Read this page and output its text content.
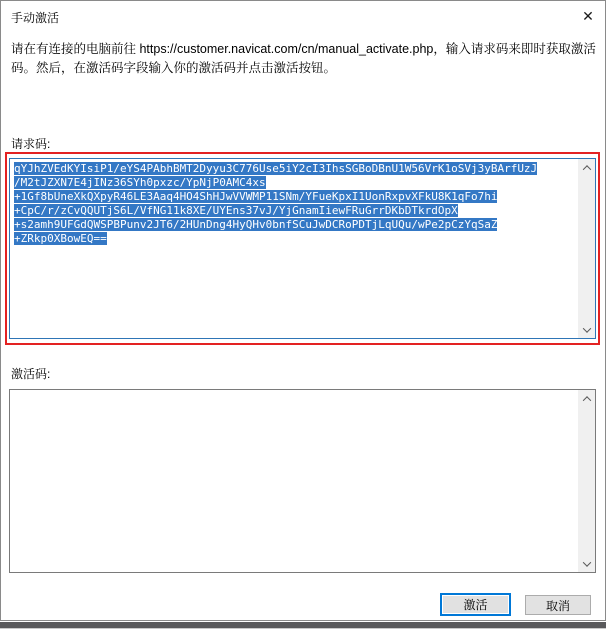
手动激活	✕
请在有连接的电脑前往 https://customer.navicat.com/cn/manual_activate.php，输入请求码来即时获取激活码。然后，在激活码字段输入你的激活码并点击激活按钮。
请求码:
qYJhZVEdKYIsiP1/eYS4PAbhBMT2Dyyu3C776Use5iY2cI3IhsSGBoDBnU1W56VrK1oSVj3yBArfUzJ
/M2tJZXN7E4jINz36SYh0pxzc/YpNjP0AMC4xs
+1Gf8bUneXkQXpyR46LE3Aaq4HO4ShHJwVVWMP11SNm/YFueKpxI1UonRxpvXFkU8K1qFo7hi
+CpC/r/zCvQQUTjS6L/VfNG11k8XE/UYEns37vJ/YjGnamIiewFRuGrrDKbDTkrdOpX
+s2amh9UFGdQWSPBPunv2JT6/2HUnDng4HyQHv0bnfSCuJwDCRoPDTjLqUQu/wPe2pCzYqSaZ
+ZRkp0XBowEQ==
激活码:
激活	取消
